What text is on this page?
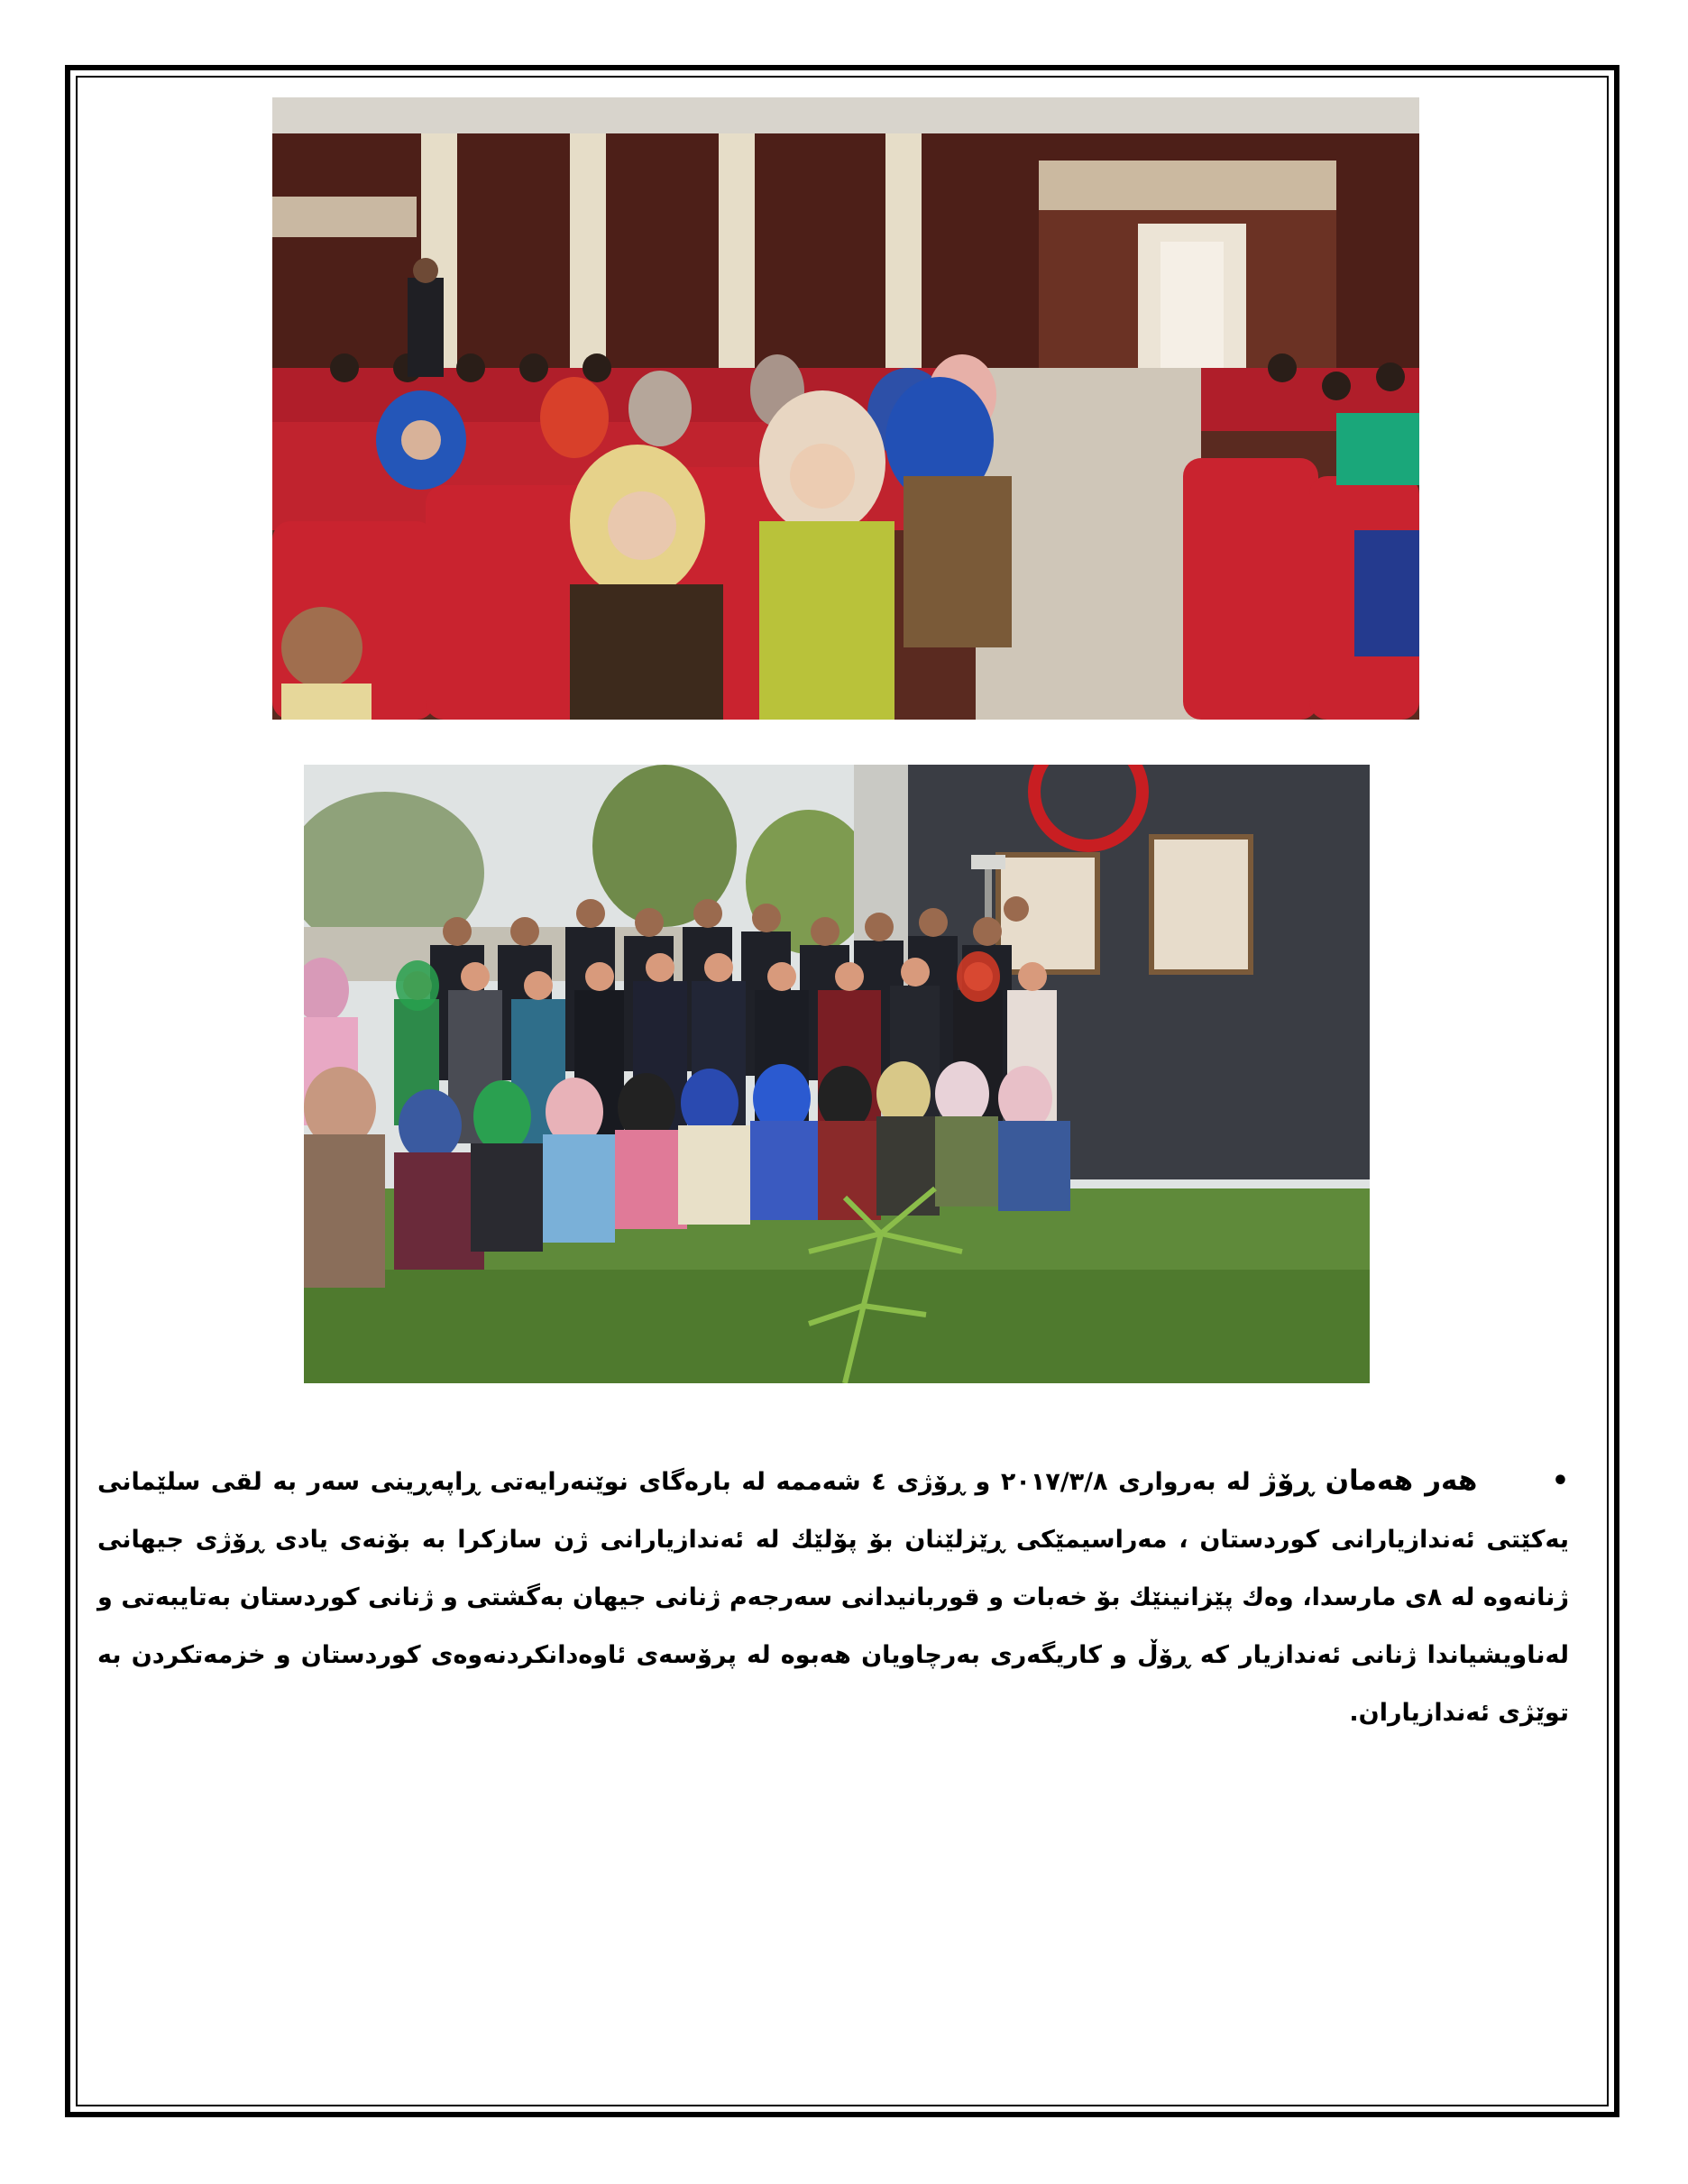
• هەر هەمان ڕۆژ لە بەرواری ٢٠١٧/٣/٨ و ڕۆژی ٤ شەممە لە بارەگای نوێنەرایەتی ڕاپەڕینی سەر بە لقی سلێمانی یەکێتی ئەندازیارانی کوردستان ، مەراسیمێکی ڕێزلێنان بۆ پۆلێك لە ئەندازیارانی ژن سازکرا بە بۆنەی یادی ڕۆژی جیهانی ژنانەوە لە ٨ی مارسدا، وەك پێزانینێك بۆ خەبات و قوربانیدانی سەرجەم ژنانی جیهان بەگشتی و ژنانی کوردستان بەتایبەتی و لەناویشیاندا ژنانی ئەندازیار کە ڕۆڵ و کاریگەری بەرچاویان هەبوە لە پرۆسەی ئاوەدانکردنەوەی کوردستان و خزمەتکردن بە توێژی ئەندازیاران.
